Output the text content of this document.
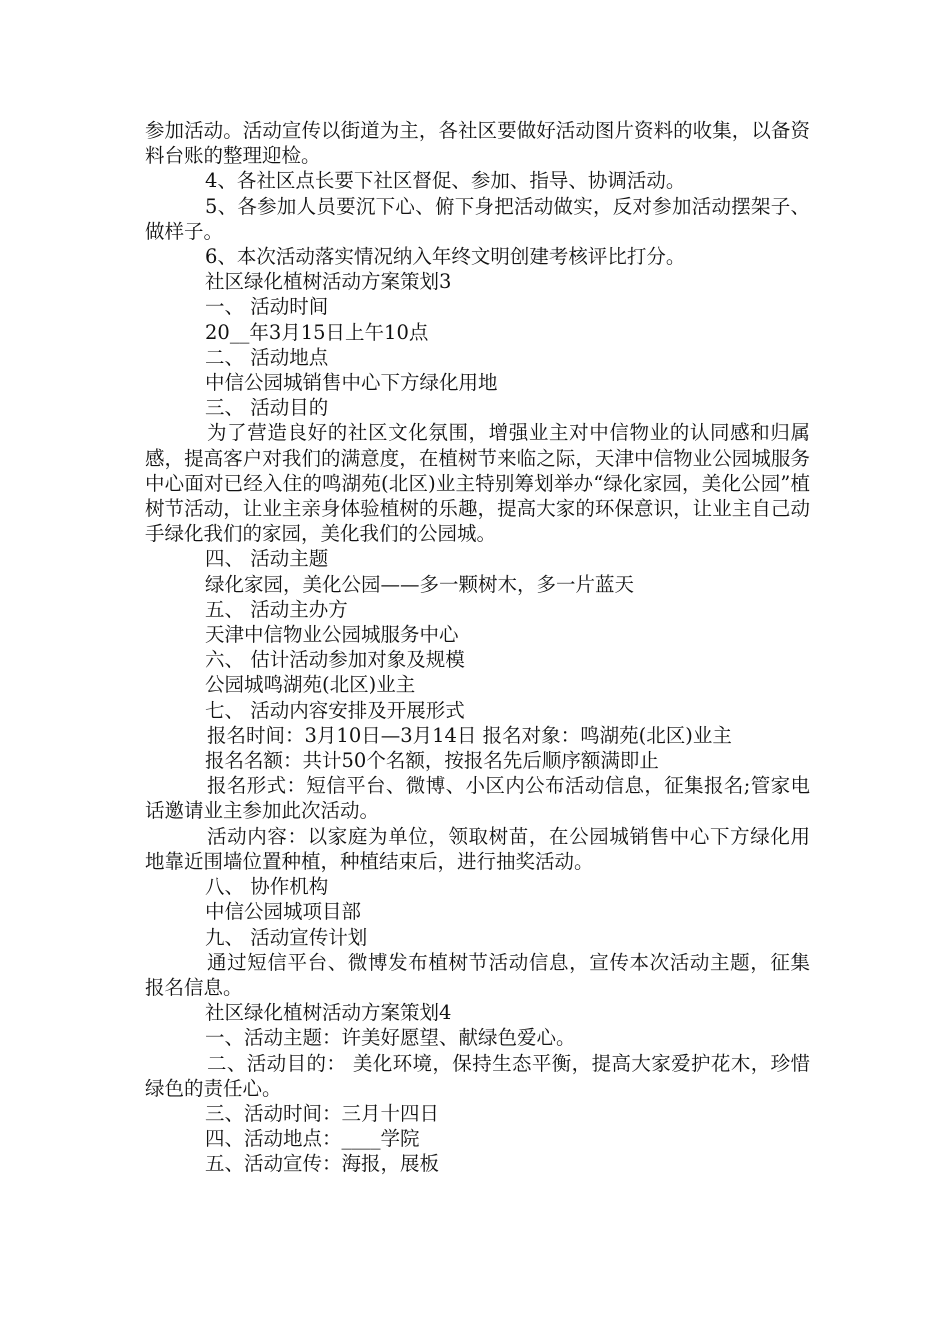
参加活动。活动宣传以街道为主，各社区要做好活动图片资料的收集，以备资料台账的整理迎检。

4、各社区点长要下社区督促、参加、指导、协调活动。

5、各参加人员要沉下心、俯下身把活动做实，反对参加活动摆架子、做样子。

6、本次活动落实情况纳入年终文明创建考核评比打分。

社区绿化植树活动方案策划3

一、 活动时间

20__年3月15日上午10点

二、 活动地点

中信公园城销售中心下方绿化用地

三、 活动目的

为了营造良好的社区文化氛围，增强业主对中信物业的认同感和归属感，提高客户对我们的满意度，在植树节来临之际，天津中信物业公园城服务中心面对已经入住的鸣湖苑(北区)业主特别筹划举办“绿化家园，美化公园”植树节活动，让业主亲身体验植树的乐趣，提高大家的环保意识，让业主自己动手绿化我们的家园，美化我们的公园城。

四、 活动主题

绿化家园，美化公园——多一颗树木，多一片蓝天

五、 活动主办方

天津中信物业公园城服务中心

六、 估计活动参加对象及规模

公园城鸣湖苑(北区)业主

七、 活动内容安排及开展形式

报名时间：3月10日—3月14日 报名对象：鸣湖苑(北区)业主

报名名额：共计50个名额，按报名先后顺序额满即止

报名形式：短信平台、微博、小区内公布活动信息，征集报名;管家电话邀请业主参加此次活动。

活动内容：以家庭为单位，领取树苗，在公园城销售中心下方绿化用地靠近围墙位置种植，种植结束后，进行抽奖活动。

八、 协作机构

中信公园城项目部

九、 活动宣传计划

通过短信平台、微博发布植树节活动信息，宣传本次活动主题，征集报名信息。

社区绿化植树活动方案策划4

一、活动主题：许美好愿望、献绿色爱心。

二、活动目的： 美化环境，保持生态平衡，提高大家爱护花木，珍惜绿色的责任心。

三、活动时间：三月十四日

四、活动地点：____学院

五、活动宣传：海报，展板
